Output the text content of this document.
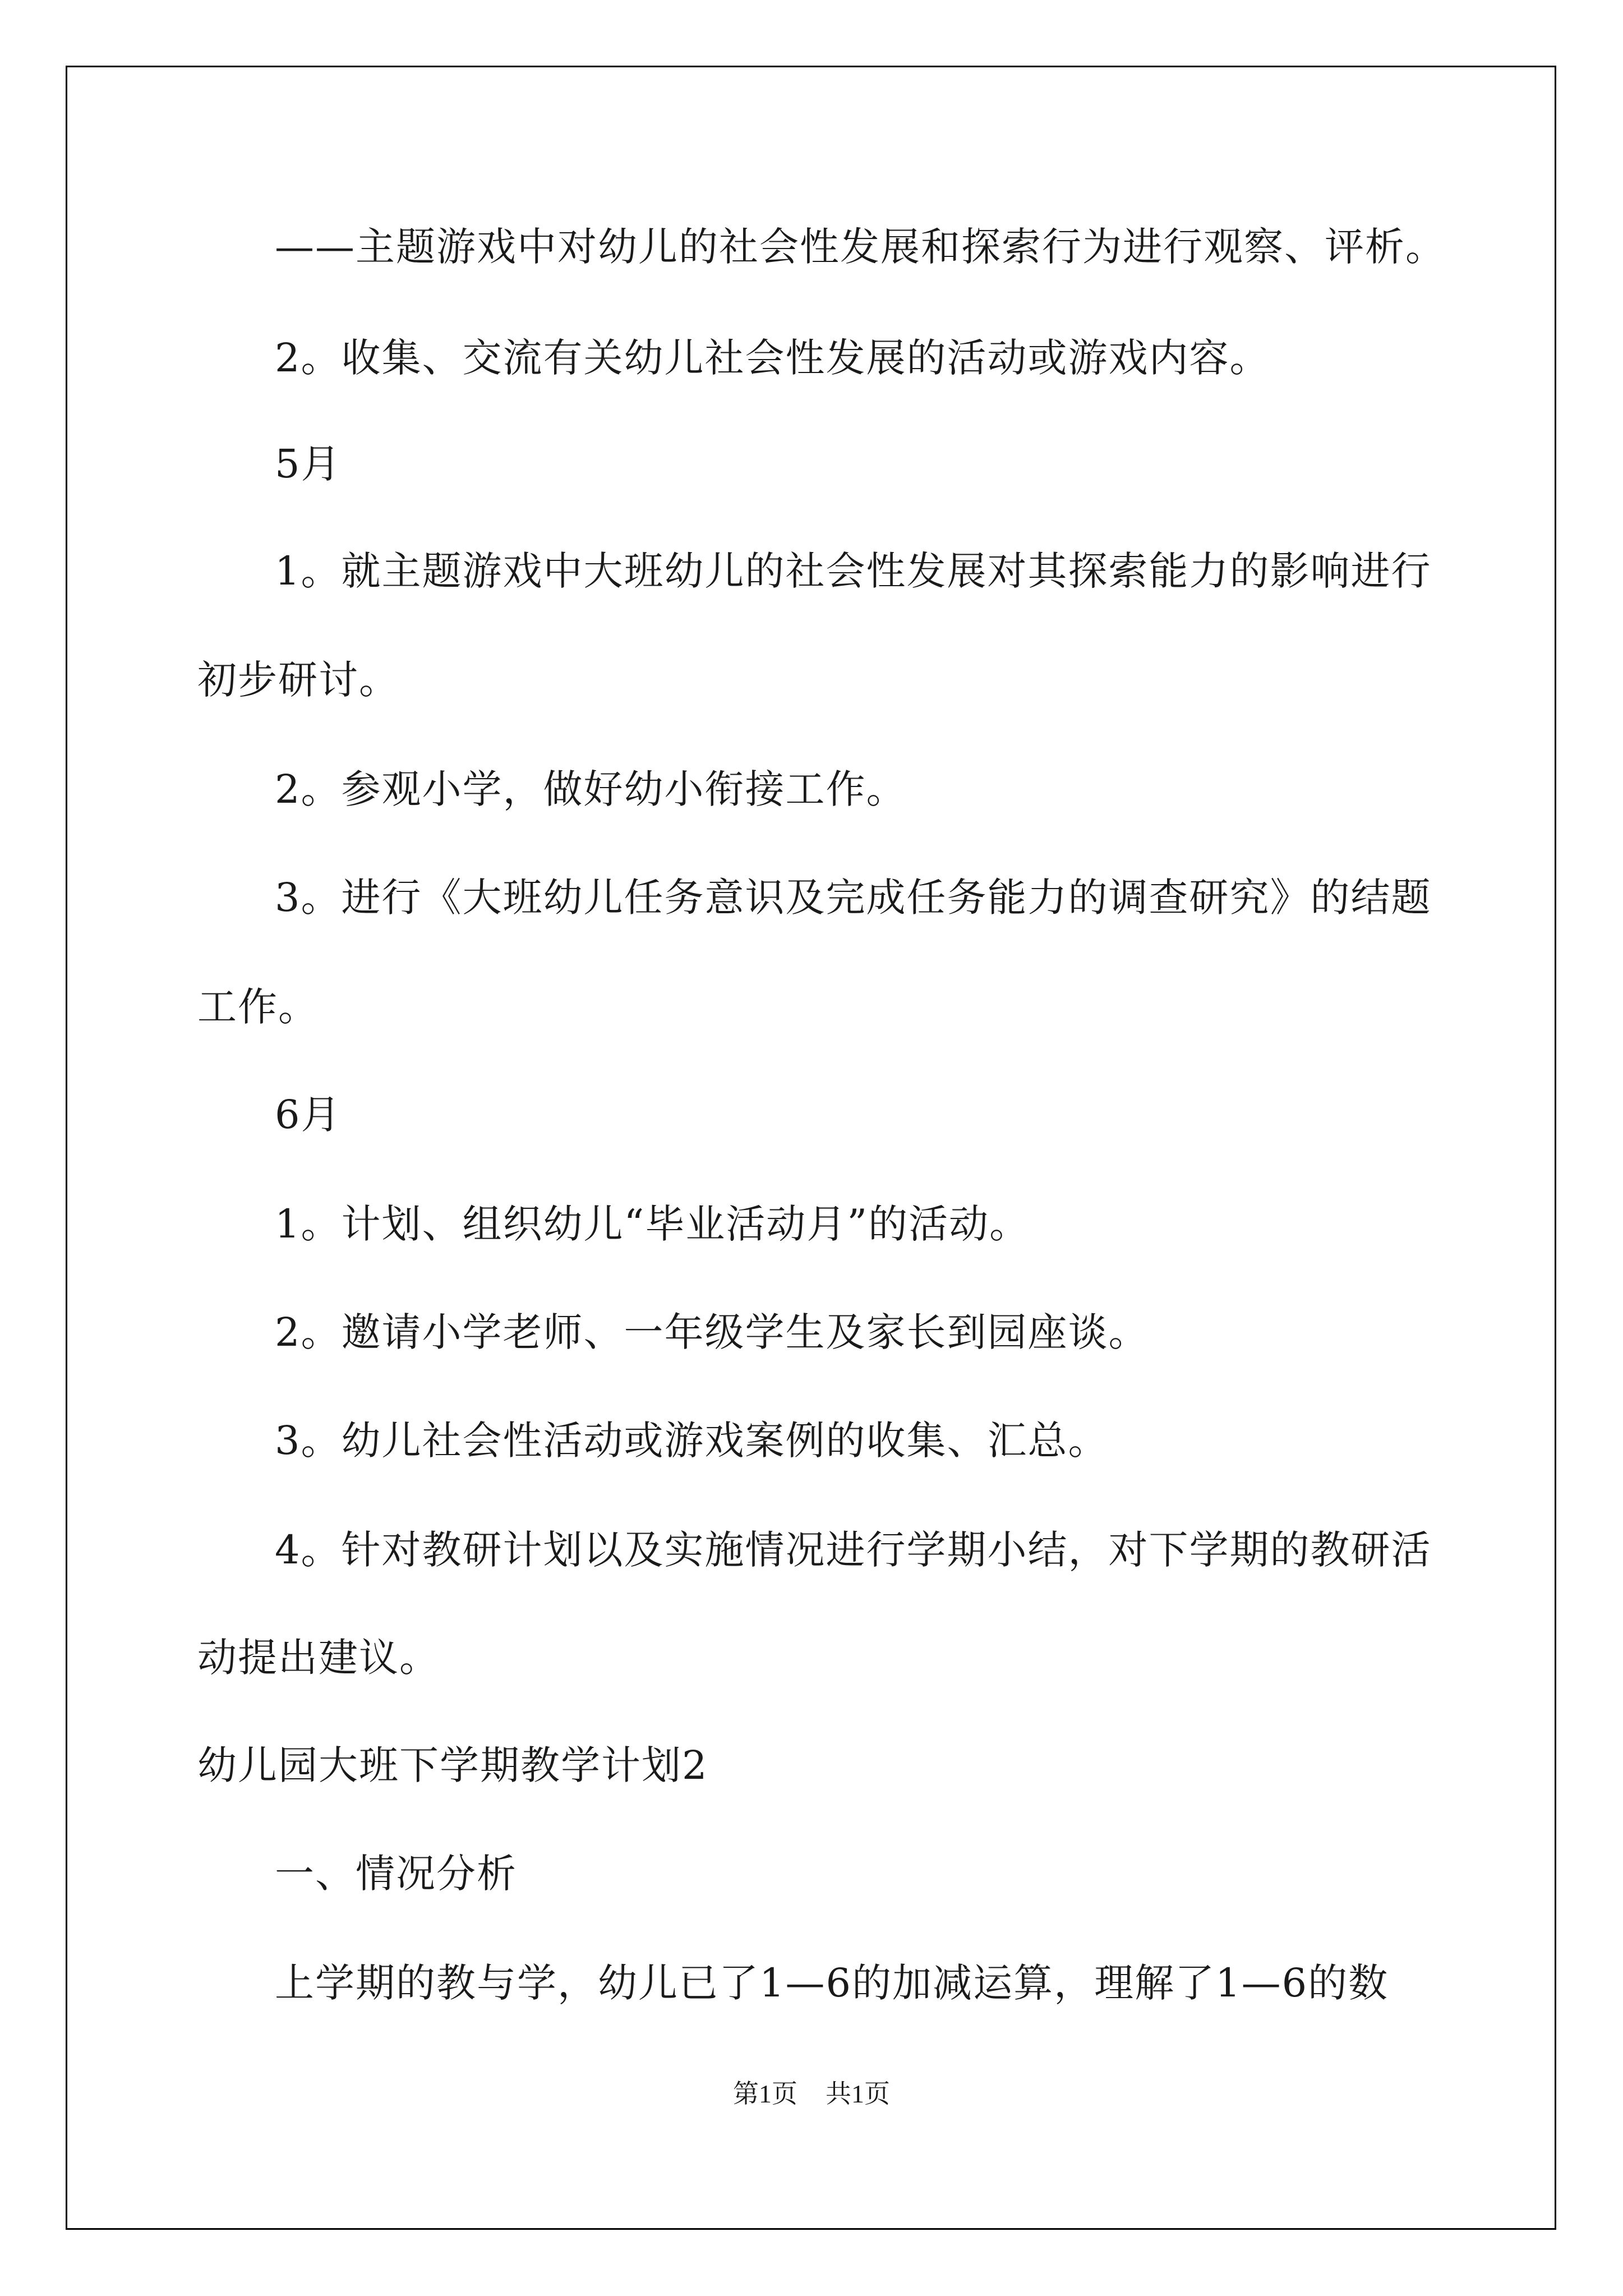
——主题游戏中对幼儿的社会性发展和探索行为进行观察、评析。
2。收集、交流有关幼儿社会性发展的活动或游戏内容。
5月
1。就主题游戏中大班幼儿的社会性发展对其探索能力的影响进行
初步研讨。
2。参观小学，做好幼小衔接工作。
3。进行《大班幼儿任务意识及完成任务能力的调查研究》的结题
工作。
6月
1。计划、组织幼儿“毕业活动月”的活动。
2。邀请小学老师、一年级学生及家长到园座谈。
3。幼儿社会性活动或游戏案例的收集、汇总。
4。针对教研计划以及实施情况进行学期小结，对下学期的教研活
动提出建议。
幼儿园大班下学期教学计划2
一、情况分析
上学期的教与学，幼儿已了1—6的加减运算，理解了1—6的数
第1页 共1页
